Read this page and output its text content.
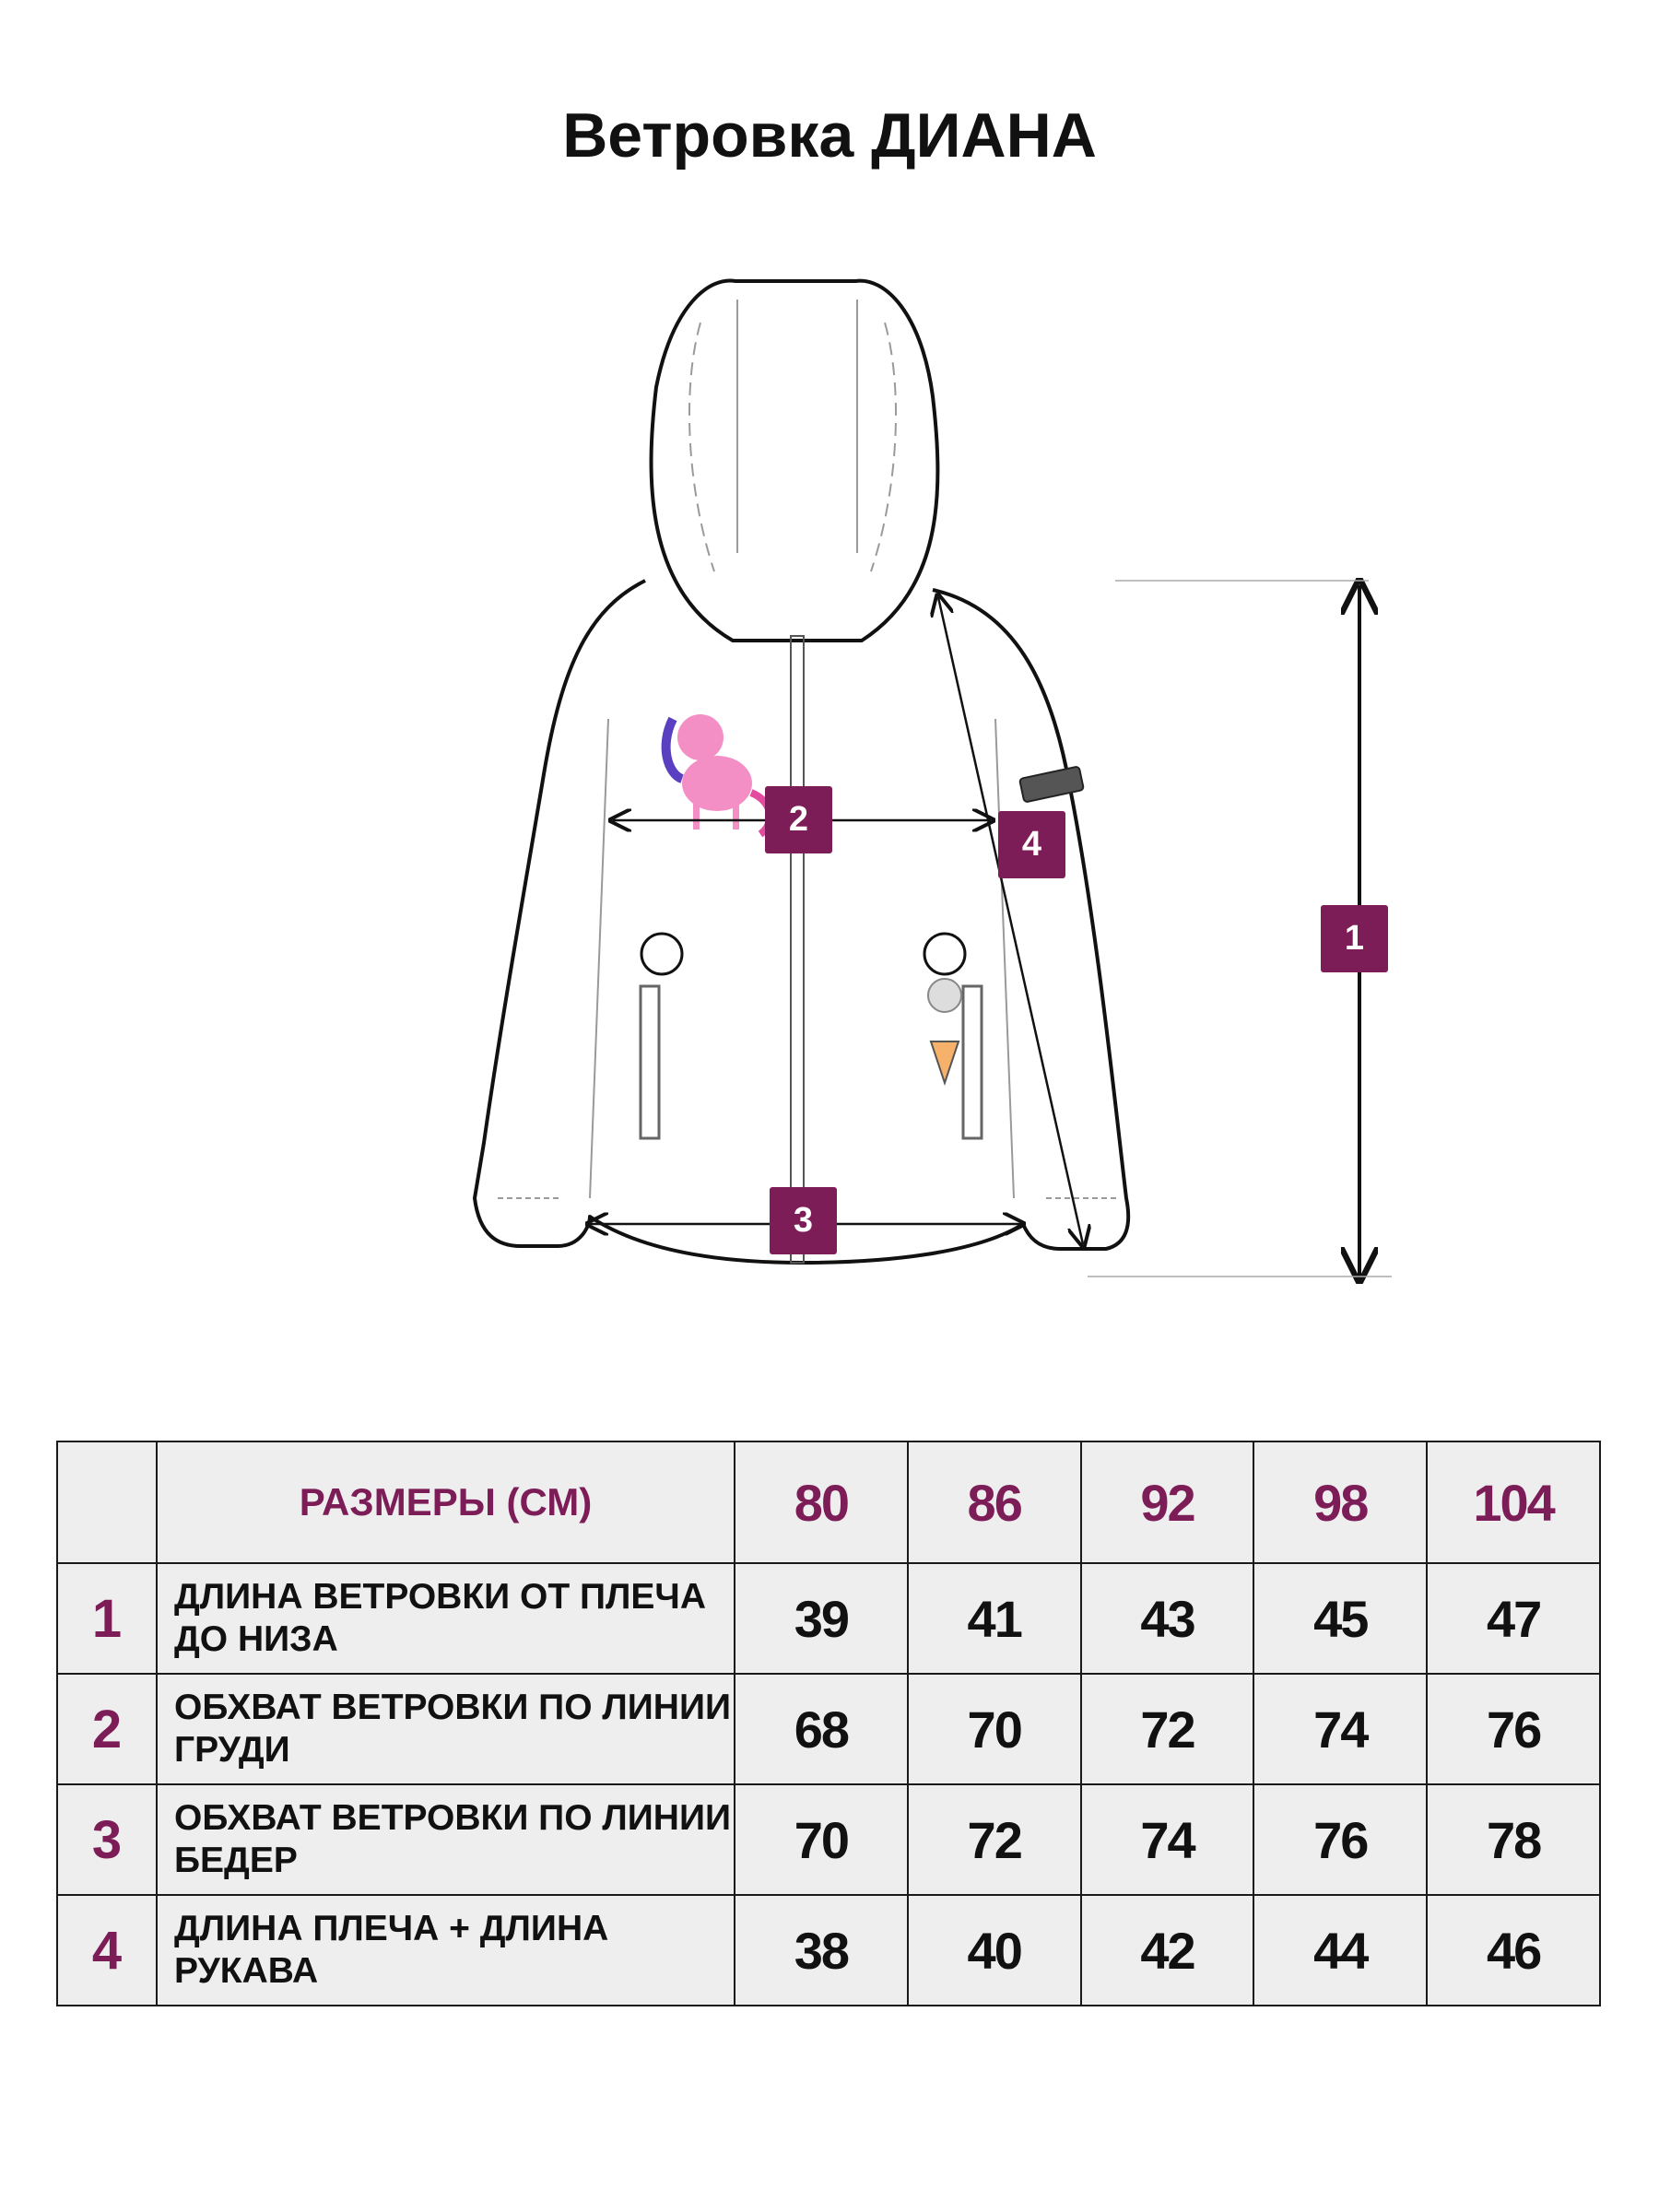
Ветровка ДИАНА
2
4
1
3
	РАЗМЕРЫ (СМ)	80	86	92	98	104
1	ДЛИНА ВЕТРОВКИ ОТ ПЛЕЧА ДО НИЗА	39	41	43	45	47
2	ОБХВАТ ВЕТРОВКИ ПО ЛИНИИ ГРУДИ	68	70	72	74	76
3	ОБХВАТ ВЕТРОВКИ ПО ЛИНИИ БЕДЕР	70	72	74	76	78
4	ДЛИНА ПЛЕЧА + ДЛИНА РУКАВА	38	40	42	44	46
